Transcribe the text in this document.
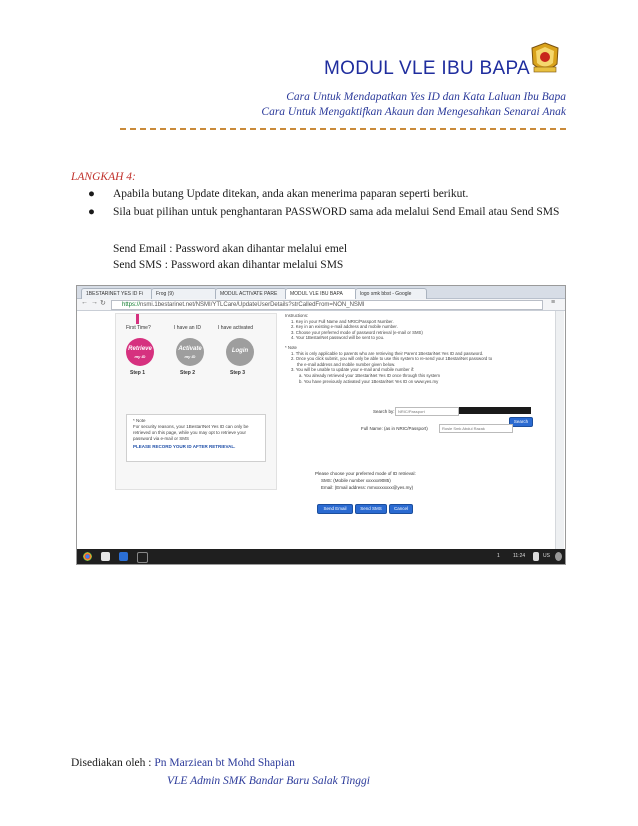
MODUL VLE IBU BAPA
Cara Untuk Mendapatkan Yes ID dan Kata Laluan Ibu Bapa
Cara Untuk Mengaktifkan Akaun dan Mengesahkan Senarai Anak
LANGKAH 4:
● Apabila butang Update ditekan, anda akan menerima paparan seperti berikut.
● Sila buat pilihan untuk penghantaran PASSWORD sama ada melalui Send Email atau Send SMS
Send Email : Password akan dihantar melalui emel
Send SMS : Password akan dihantar melalui SMS
1BESTARINET YES ID Fi	Frog (9)	MODUL ACTIVATE PARE	MODUL VLE IBU BAPA	logo smk bbst - Google
← → ↻	https://nsmi.1bestarinet.net/NSMI/YTLCare/UpdateUserDetails?strCalledFrom=NON_NSMI	≡
First Time?	I have an ID	I have activated
Retrieve
my ID
Activate
my ID
Login
Step 1	Step 2	Step 3
* Note
For security reasons, your 1BestarINet Yes ID can only be retrieved on this page, while you may opt to retrieve your password via e-mail or SMS
PLEASE RECORD YOUR ID AFTER RETRIEVAL.
Instructions:
1. Key in your Full Name and NRIC/Passport Number.
2. Key in an existing e-mail address and mobile number.
3. Choose your preferred mode of password retrieval (e-mail or SMS)
4. Your 1BestariNet password will be sent to you.
* Note
1. This is only applicable to parents who are retrieving their Parent 1BestariNet Yes ID and password.
2. Once you click submit, you will only be able to use this system to re-send your 1BestariNet password to
the e-mail address and mobile number given below.
3. You will be unable to update your e-mail and mobile number if:
a. You already retrieved your 1BestariNet Yes ID once through this system
b. You have previously activated your 1BestariNet Yes ID on www.yes.my
Search by: NRIC/Passport
Search
Full Name: (as in NRIC/Passport)	Rosle Smk Abdul Razak
Please choose your preferred mode of ID retrieval:
SMS: (Mobile number xxxxxx9085)
Email: (Email address: mmxxxxxxxx@yes.my)
Send Email	Send SMS	Cancel
1	11:24	US
Disediakan oleh : Pn Marziean bt Mohd Shapian
VLE Admin SMK Bandar Baru Salak Tinggi
